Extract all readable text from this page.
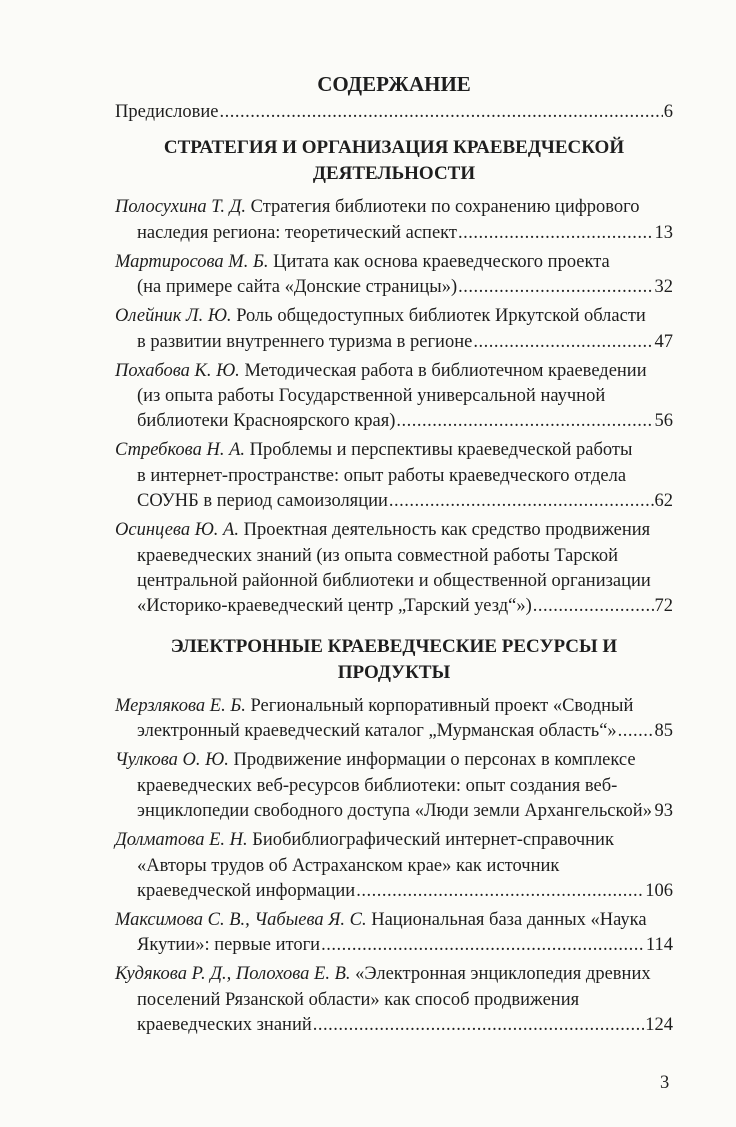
СОДЕРЖАНИЕ
Предисловие .....	6
СТРАТЕГИЯ И ОРГАНИЗАЦИЯ КРАЕВЕДЧЕСКОЙ
ДЕЯТЕЛЬНОСТИ
Полосухина Т. Д. Стратегия библиотеки по сохранению цифрового
наследия региона: теоретический аспект .....	13
Мартиросова М. Б. Цитата как основа краеведческого проекта
(на примере сайта «Донские страницы») .....	32
Олейник Л. Ю. Роль общедоступных библиотек Иркутской области
в развитии внутреннего туризма в регионе .....	47
Похабова К. Ю. Методическая работа в библиотечном краеведении
(из опыта работы Государственной универсальной научной
библиотеки Красноярского края) .....	56
Стребкова Н. А. Проблемы и перспективы краеведческой работы
в интернет-пространстве: опыт работы краеведческого отдела
СОУНБ в период самоизоляции .....	62
Осинцева Ю. А. Проектная деятельность как средство продвижения
краеведческих знаний (из опыта совместной работы Тарской
центральной районной библиотеки и общественной организации
«Историко-краеведческий центр „Тарский уезд“») .....	72
ЭЛЕКТРОННЫЕ КРАЕВЕДЧЕСКИЕ РЕСУРСЫ И ПРОДУКТЫ
Мерзлякова Е. Б. Региональный корпоративный проект «Сводный
электронный краеведческий каталог „Мурманская область“» ..... 85
Чулкова О. Ю. Продвижение информации о персонах в комплексе
краеведческих веб-ресурсов библиотеки: опыт создания веб-
энциклопедии свободного доступа «Люди земли Архангельской» ..... 93
Долматова Е. Н. Биобиблиографический интернет-справочник
«Авторы трудов об Астраханском крае» как источник
краеведческой информации .....	106
Максимова С. В., Чабыева Я. С. Национальная база данных «Наука
Якутии»: первые итоги .....	114
Кудякова Р. Д., Полохова Е. В. «Электронная энциклопедия древних
поселений Рязанской области» как способ продвижения
краеведческих знаний .....	124
3
